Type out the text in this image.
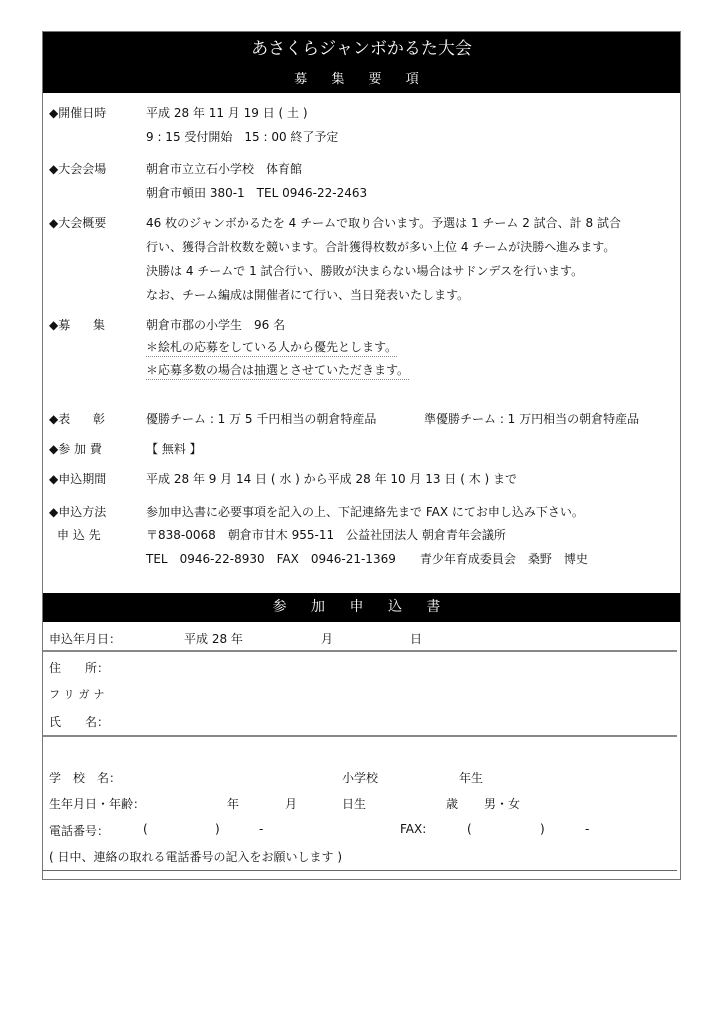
あさくらジャンボかるた大会
募 集 要 項
◆開催日時	平成 28 年 11 月 19 日 ( 土 )
9 : 15 受付開始　15 : 00 終了予定
◆大会会場	朝倉市立立石小学校　体育館
朝倉市頓田 380-1　TEL 0946-22-2463
◆大会概要	46 枚のジャンボかるたを 4 チームで取り合います。予選は 1 チーム 2 試合、計 8 試合
行い、獲得合計枚数を競います。合計獲得枚数が多い上位 4 チームが決勝へ進みます。
決勝は 4 チームで 1 試合行い、勝敗が決まらない場合はサドンデスを行います。
なお、チーム編成は開催者にて行い、当日発表いたします。
◆募 集	朝倉市郡の小学生　96 名
＊絵札の応募をしている人から優先とします。
＊応募多数の場合は抽選とさせていただきます。
◆表 彰	優勝チーム : 1 万 5 千円相当の朝倉特産品	準優勝チーム : 1 万円相当の朝倉特産品
◆参 加 費	【 無料 】
◆申込期間	平成 28 年 9 月 14 日 ( 水 ) から平成 28 年 10 月 13 日 ( 木 ) まで
◆申込方法	参加申込書に必要事項を記入の上、下記連絡先まで FAX にてお申し込み下さい。
申 込 先	〒838-0068　朝倉市甘木 955-11　公益社団法人 朝倉青年会議所
TEL　0946-22-8930　FAX　0946-21-1369　　青少年育成委員会　桑野　博史
参 加 申 込 書
申込年月日：	平成 28 年	月	日
住　　所：
フリガナ
氏　　名：
学　校　名：	小学校	年生
生年月日・年齢：	年	月	日生	歳 男・女
電話番号：	(	)	-	FAX:	(	)	-
( 日中、連絡の取れる電話番号の記入をお願いします )
